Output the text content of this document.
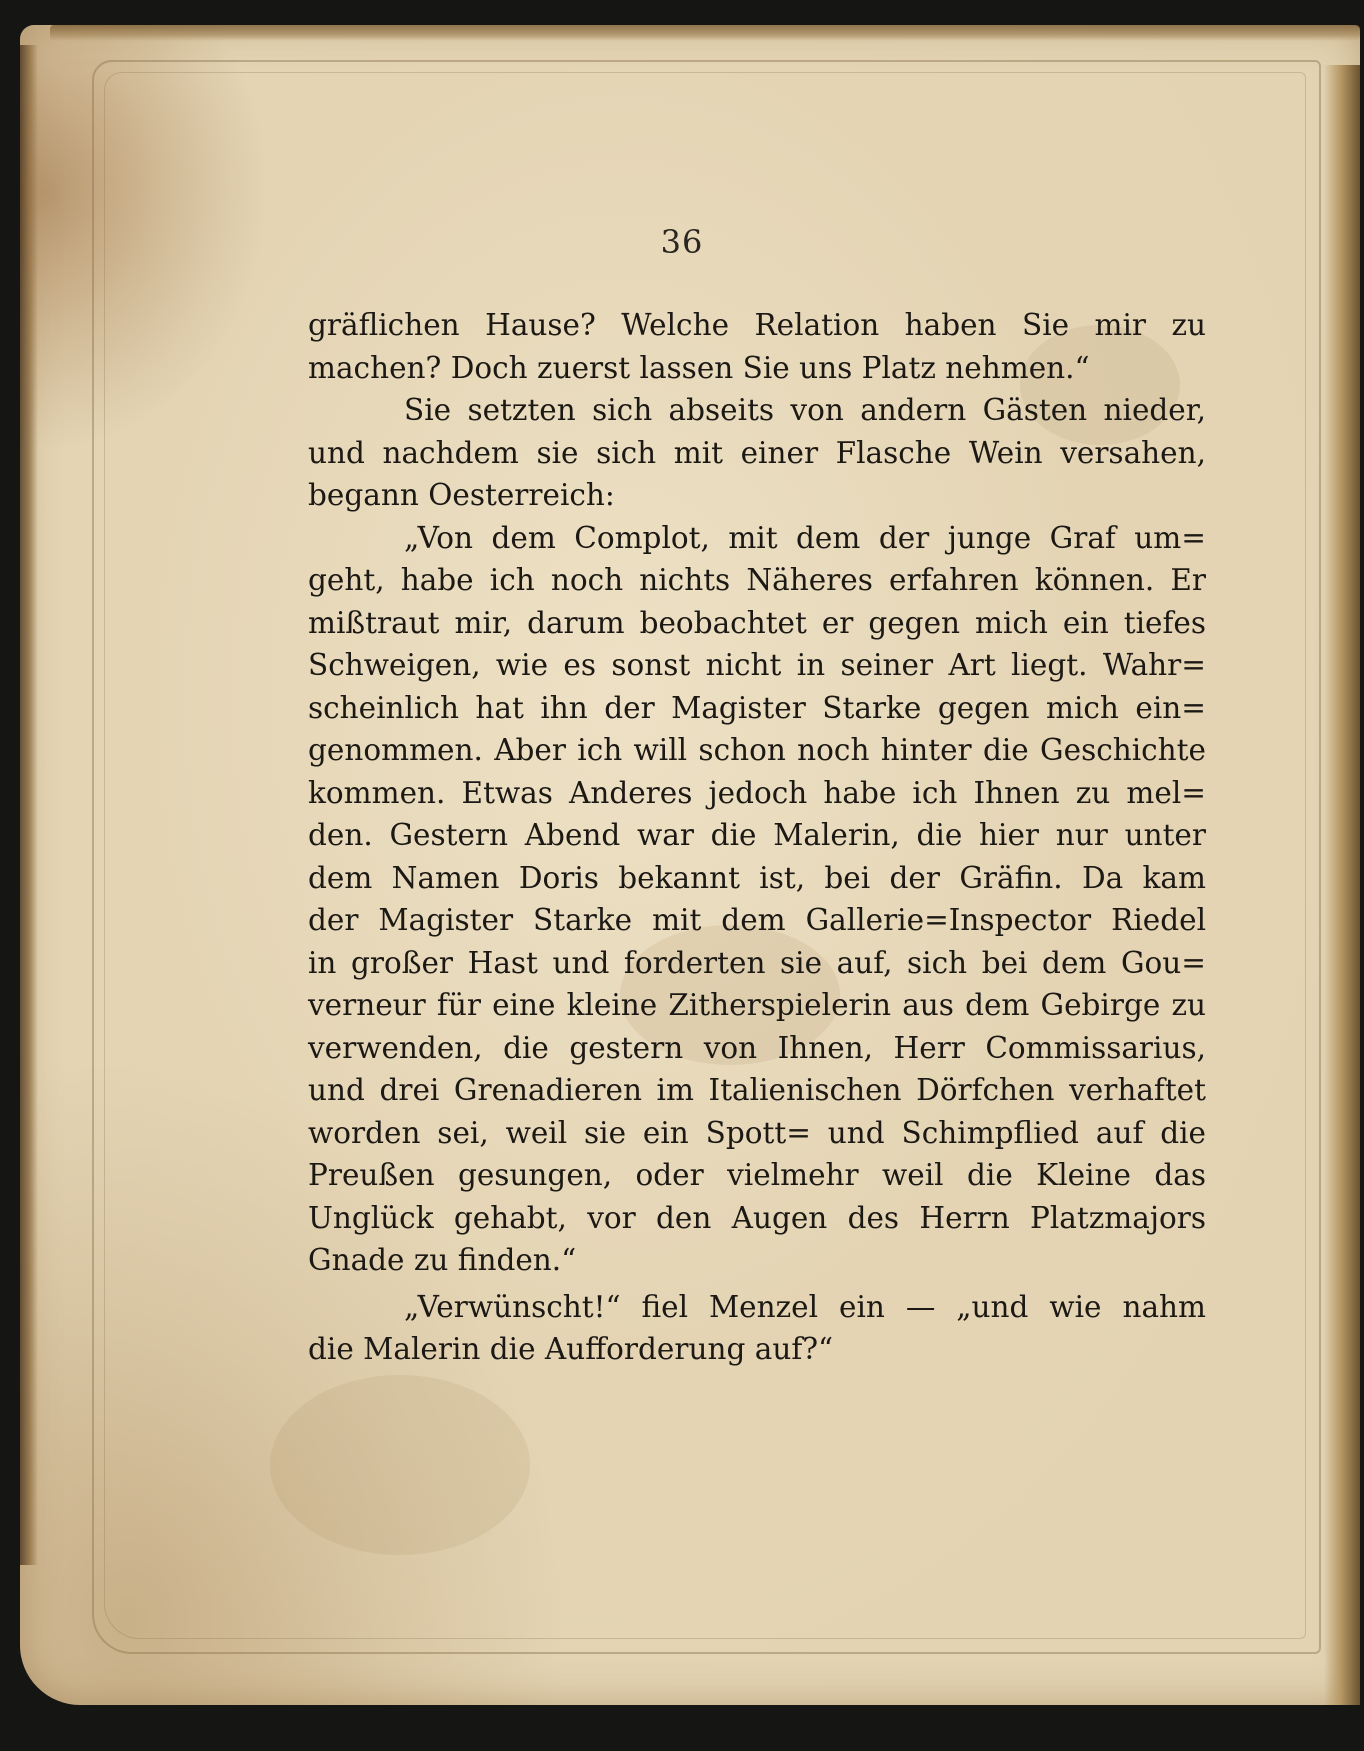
36
gräflichen Hause? Welche Relation haben Sie mir zu
machen? Doch zuerst lassen Sie uns Platz nehmen.“
Sie setzten sich abseits von andern Gästen nieder,
und nachdem sie sich mit einer Flasche Wein versahen,
begann Oesterreich:
„Von dem Complot, mit dem der junge Graf um=
geht, habe ich noch nichts Näheres erfahren können. Er
mißtraut mir, darum beobachtet er gegen mich ein tiefes
Schweigen, wie es sonst nicht in seiner Art liegt. Wahr=
scheinlich hat ihn der Magister Starke gegen mich ein=
genommen. Aber ich will schon noch hinter die Geschichte
kommen. Etwas Anderes jedoch habe ich Ihnen zu mel=
den. Gestern Abend war die Malerin, die hier nur unter
dem Namen Doris bekannt ist, bei der Gräfin. Da kam
der Magister Starke mit dem Gallerie=Inspector Riedel
in großer Hast und forderten sie auf, sich bei dem Gou=
verneur für eine kleine Zitherspielerin aus dem Gebirge zu
verwenden, die gestern von Ihnen, Herr Commissarius,
und drei Grenadieren im Italienischen Dörfchen verhaftet
worden sei, weil sie ein Spott= und Schimpflied auf die
Preußen gesungen, oder vielmehr weil die Kleine das
Unglück gehabt, vor den Augen des Herrn Platzmajors
Gnade zu finden.“
„Verwünscht!“ fiel Menzel ein — „und wie nahm
die Malerin die Aufforderung auf?“
